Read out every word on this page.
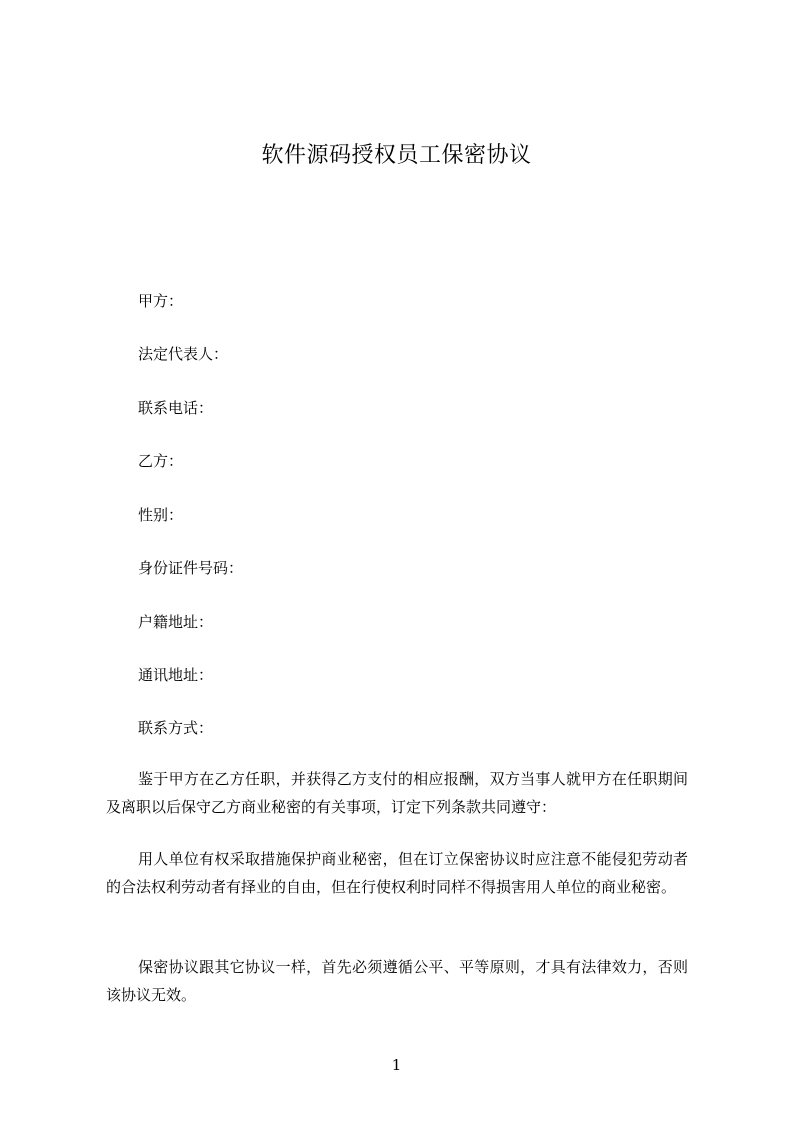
软件源码授权员工保密协议
甲方：
法定代表人：
联系电话：
乙方：
性别：
身份证件号码：
户籍地址：
通讯地址：
联系方式：
鉴于甲方在乙方任职，并获得乙方支付的相应报酬，双方当事人就甲方在任职期间及离职以后保守乙方商业秘密的有关事项，订定下列条款共同遵守：
用人单位有权采取措施保护商业秘密，但在订立保密协议时应注意不能侵犯劳动者的合法权利劳动者有择业的自由，但在行使权利时同样不得损害用人单位的商业秘密。
保密协议跟其它协议一样，首先必须遵循公平、平等原则，才具有法律效力，否则该协议无效。
1
